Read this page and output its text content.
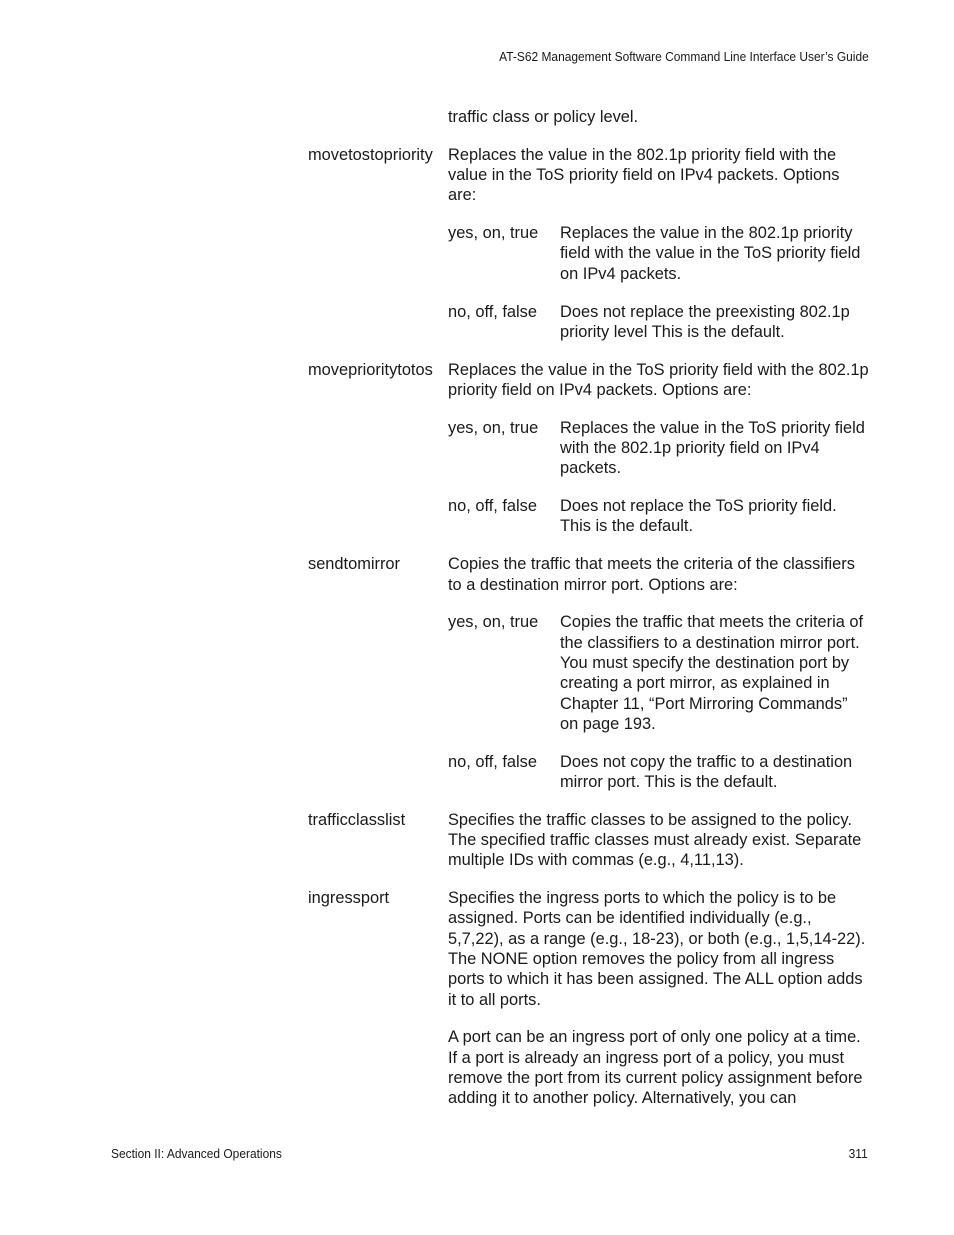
AT-S62 Management Software Command Line Interface User’s Guide
traffic class or policy level.
movetostopriority Replaces the value in the 802.1p priority field with the value in the ToS priority field on IPv4 packets. Options are:
yes, on, true Replaces the value in the 802.1p priority field with the value in the ToS priority field on IPv4 packets.
no, off, false Does not replace the preexisting 802.1p priority level This is the default.
movepriority​totos Replaces the value in the ToS priority field with the 802.1p priority field on IPv4 packets. Options are:
yes, on, true Replaces the value in the ToS priority field with the 802.1p priority field on IPv4 packets.
no, off, false Does not replace the ToS priority field. This is the default.
sendtomirror	Copies the traffic that meets the criteria of the classifiers to a destination mirror port. Options are:
yes, on, true Copies the traffic that meets the criteria of the classifiers to a destination mirror port. You must specify the destination port by creating a port mirror, as explained in Chapter 11, “Port Mirroring Commands” on page 193.
no, off, false Does not copy the traffic to a destination mirror port. This is the default.
trafficclasslist	Specifies the traffic classes to be assigned to the policy. The specified traffic classes must already exist. Separate multiple IDs with commas (e.g., 4,11,13).
ingressport	Specifies the ingress ports to which the policy is to be assigned. Ports can be identified individually (e.g., 5,7,22), as a range (e.g., 18-23), or both (e.g., 1,5,14-22). The NONE option removes the policy from all ingress ports to which it has been assigned. The ALL option adds it to all ports.
A port can be an ingress port of only one policy at a time. If a port is already an ingress port of a policy, you must remove the port from its current policy assignment before adding it to another policy. Alternatively, you can
Section II: Advanced Operations	311
